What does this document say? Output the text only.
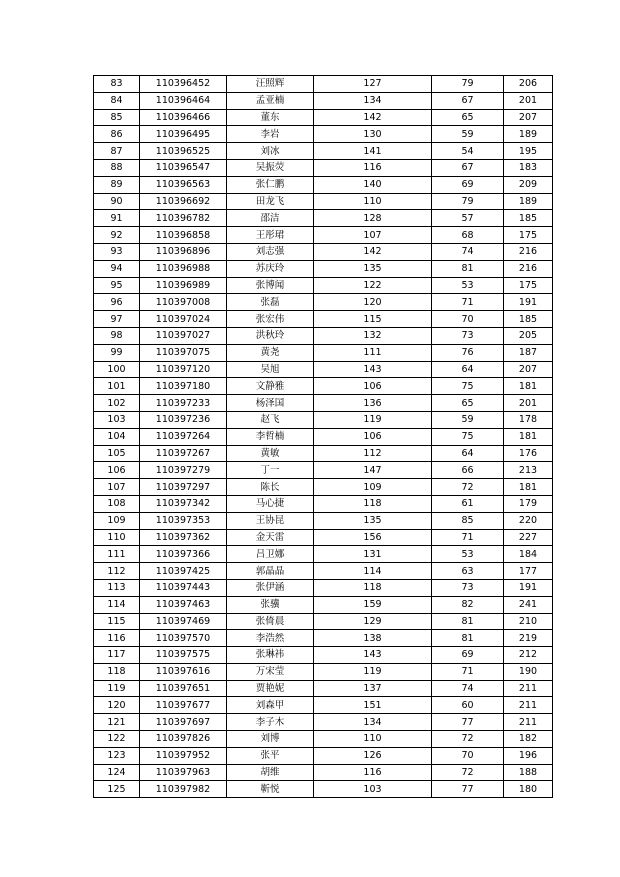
83	110396452	汪照辉	127	79	206
84	110396464	孟亚楠	134	67	201
85	110396466	董东	142	65	207
86	110396495	李岩	130	59	189
87	110396525	刘冰	141	54	195
88	110396547	吴振荧	116	67	183
89	110396563	张仁鹏	140	69	209
90	110396692	田龙飞	110	79	189
91	110396782	邵洁	128	57	185
92	110396858	王彤珺	107	68	175
93	110396896	刘志强	142	74	216
94	110396988	苏庆玲	135	81	216
95	110396989	张博闻	122	53	175
96	110397008	张磊	120	71	191
97	110397024	张宏伟	115	70	185
98	110397027	洪秋玲	132	73	205
99	110397075	黄尧	111	76	187
100	110397120	吴旭	143	64	207
101	110397180	文静雅	106	75	181
102	110397233	杨泽国	136	65	201
103	110397236	赵飞	119	59	178
104	110397264	李哲楠	106	75	181
105	110397267	黄敏	112	64	176
106	110397279	丁一	147	66	213
107	110397297	陈长	109	72	181
108	110397342	马心捷	118	61	179
109	110397353	王协昆	135	85	220
110	110397362	金天雷	156	71	227
111	110397366	吕卫娜	131	53	184
112	110397425	郭晶晶	114	63	177
113	110397443	张伊涵	118	73	191
114	110397463	张骥	159	82	241
115	110397469	张倚晨	129	81	210
116	110397570	李浩然	138	81	219
117	110397575	张琳祎	143	69	212
118	110397616	万宋莹	119	71	190
119	110397651	贾艳妮	137	74	211
120	110397677	刘森甲	151	60	211
121	110397697	李子木	134	77	211
122	110397826	刘博	110	72	182
123	110397952	张平	126	70	196
124	110397963	胡维	116	72	188
125	110397982	靳悦	103	77	180
